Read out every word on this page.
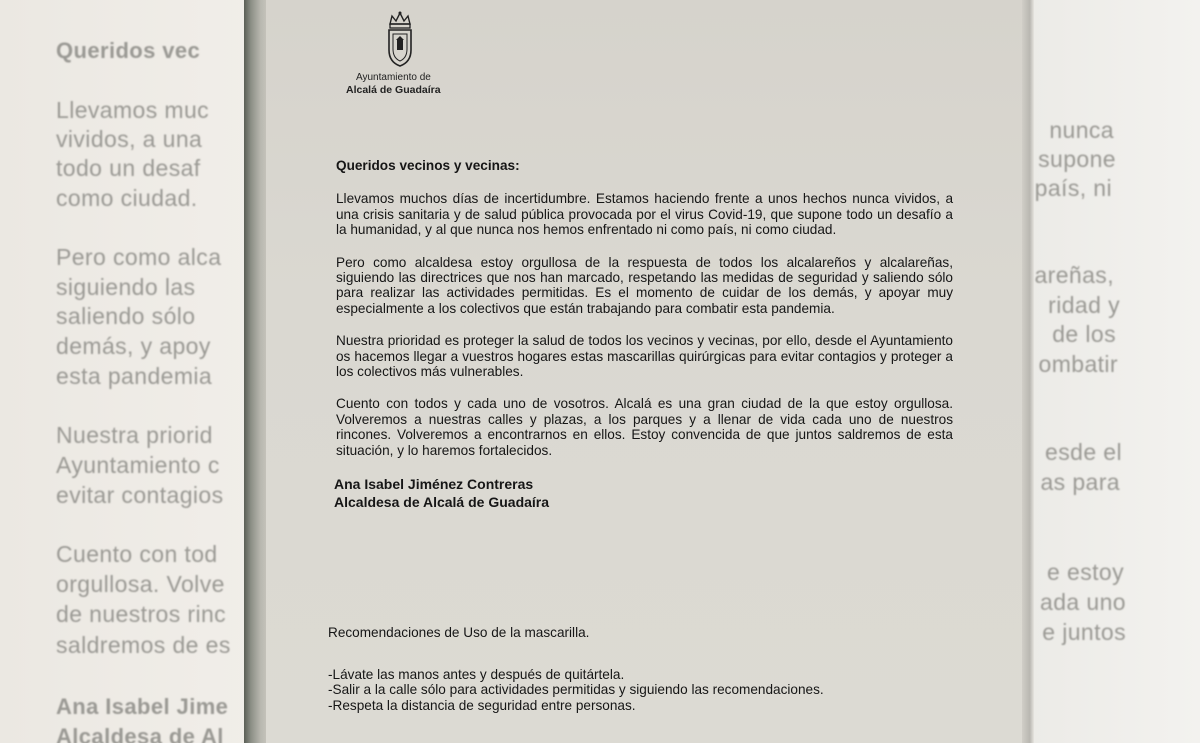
Queridos vec
Llevamos muc
vividos, a una
todo un desaf
como ciudad.
Pero como alca
siguiendo las
saliendo sólo
demás, y apoy
esta pandemia
Nuestra priorid
Ayuntamiento c
evitar contagios
Cuento con tod
orgullosa. Volve
de nuestros rinc
saldremos de es
Ana Isabel Jime
Alcaldesa de Al
nunca
supone
país, ni
areñas,
ridad y
de los
ombatir
esde el
as para
e estoy
ada uno
e juntos
Ayuntamiento de
Alcalá de Guadaíra
Queridos vecinos y vecinas:

Llevamos muchos días de incertidumbre. Estamos haciendo frente a unos hechos nunca vividos, a una crisis sanitaria y de salud pública provocada por el virus Covid-19, que supone todo un desafío a la humanidad, y al que nunca nos hemos enfrentado ni como país, ni como ciudad.

Pero como alcaldesa estoy orgullosa de la respuesta de todos los alcalareños y alcalareñas, siguiendo las directrices que nos han marcado, respetando las medidas de seguridad y saliendo sólo para realizar las actividades permitidas. Es el momento de cuidar de los demás, y apoyar muy especialmente a los colectivos que están trabajando para combatir esta pandemia.

Nuestra prioridad es proteger la salud de todos los vecinos y vecinas, por ello, desde el Ayuntamiento os hacemos llegar a vuestros hogares estas mascarillas quirúrgicas para evitar contagios y proteger a los colectivos más vulnerables.

Cuento con todos y cada uno de vosotros. Alcalá es una gran ciudad de la que estoy orgullosa. Volveremos a nuestras calles y plazas, a los parques y a llenar de vida cada uno de nuestros rincones. Volveremos a encontrarnos en ellos. Estoy convencida de que juntos saldremos de esta situación, y lo haremos fortalecidos.

Ana Isabel Jiménez Contreras
Alcaldesa de Alcalá de Guadaíra
Recomendaciones de Uso de la mascarilla.
-Lávate las manos antes y después de quitártela.
-Salir a la calle sólo para actividades permitidas y siguiendo las recomendaciones.
-Respeta la distancia de seguridad entre personas.
